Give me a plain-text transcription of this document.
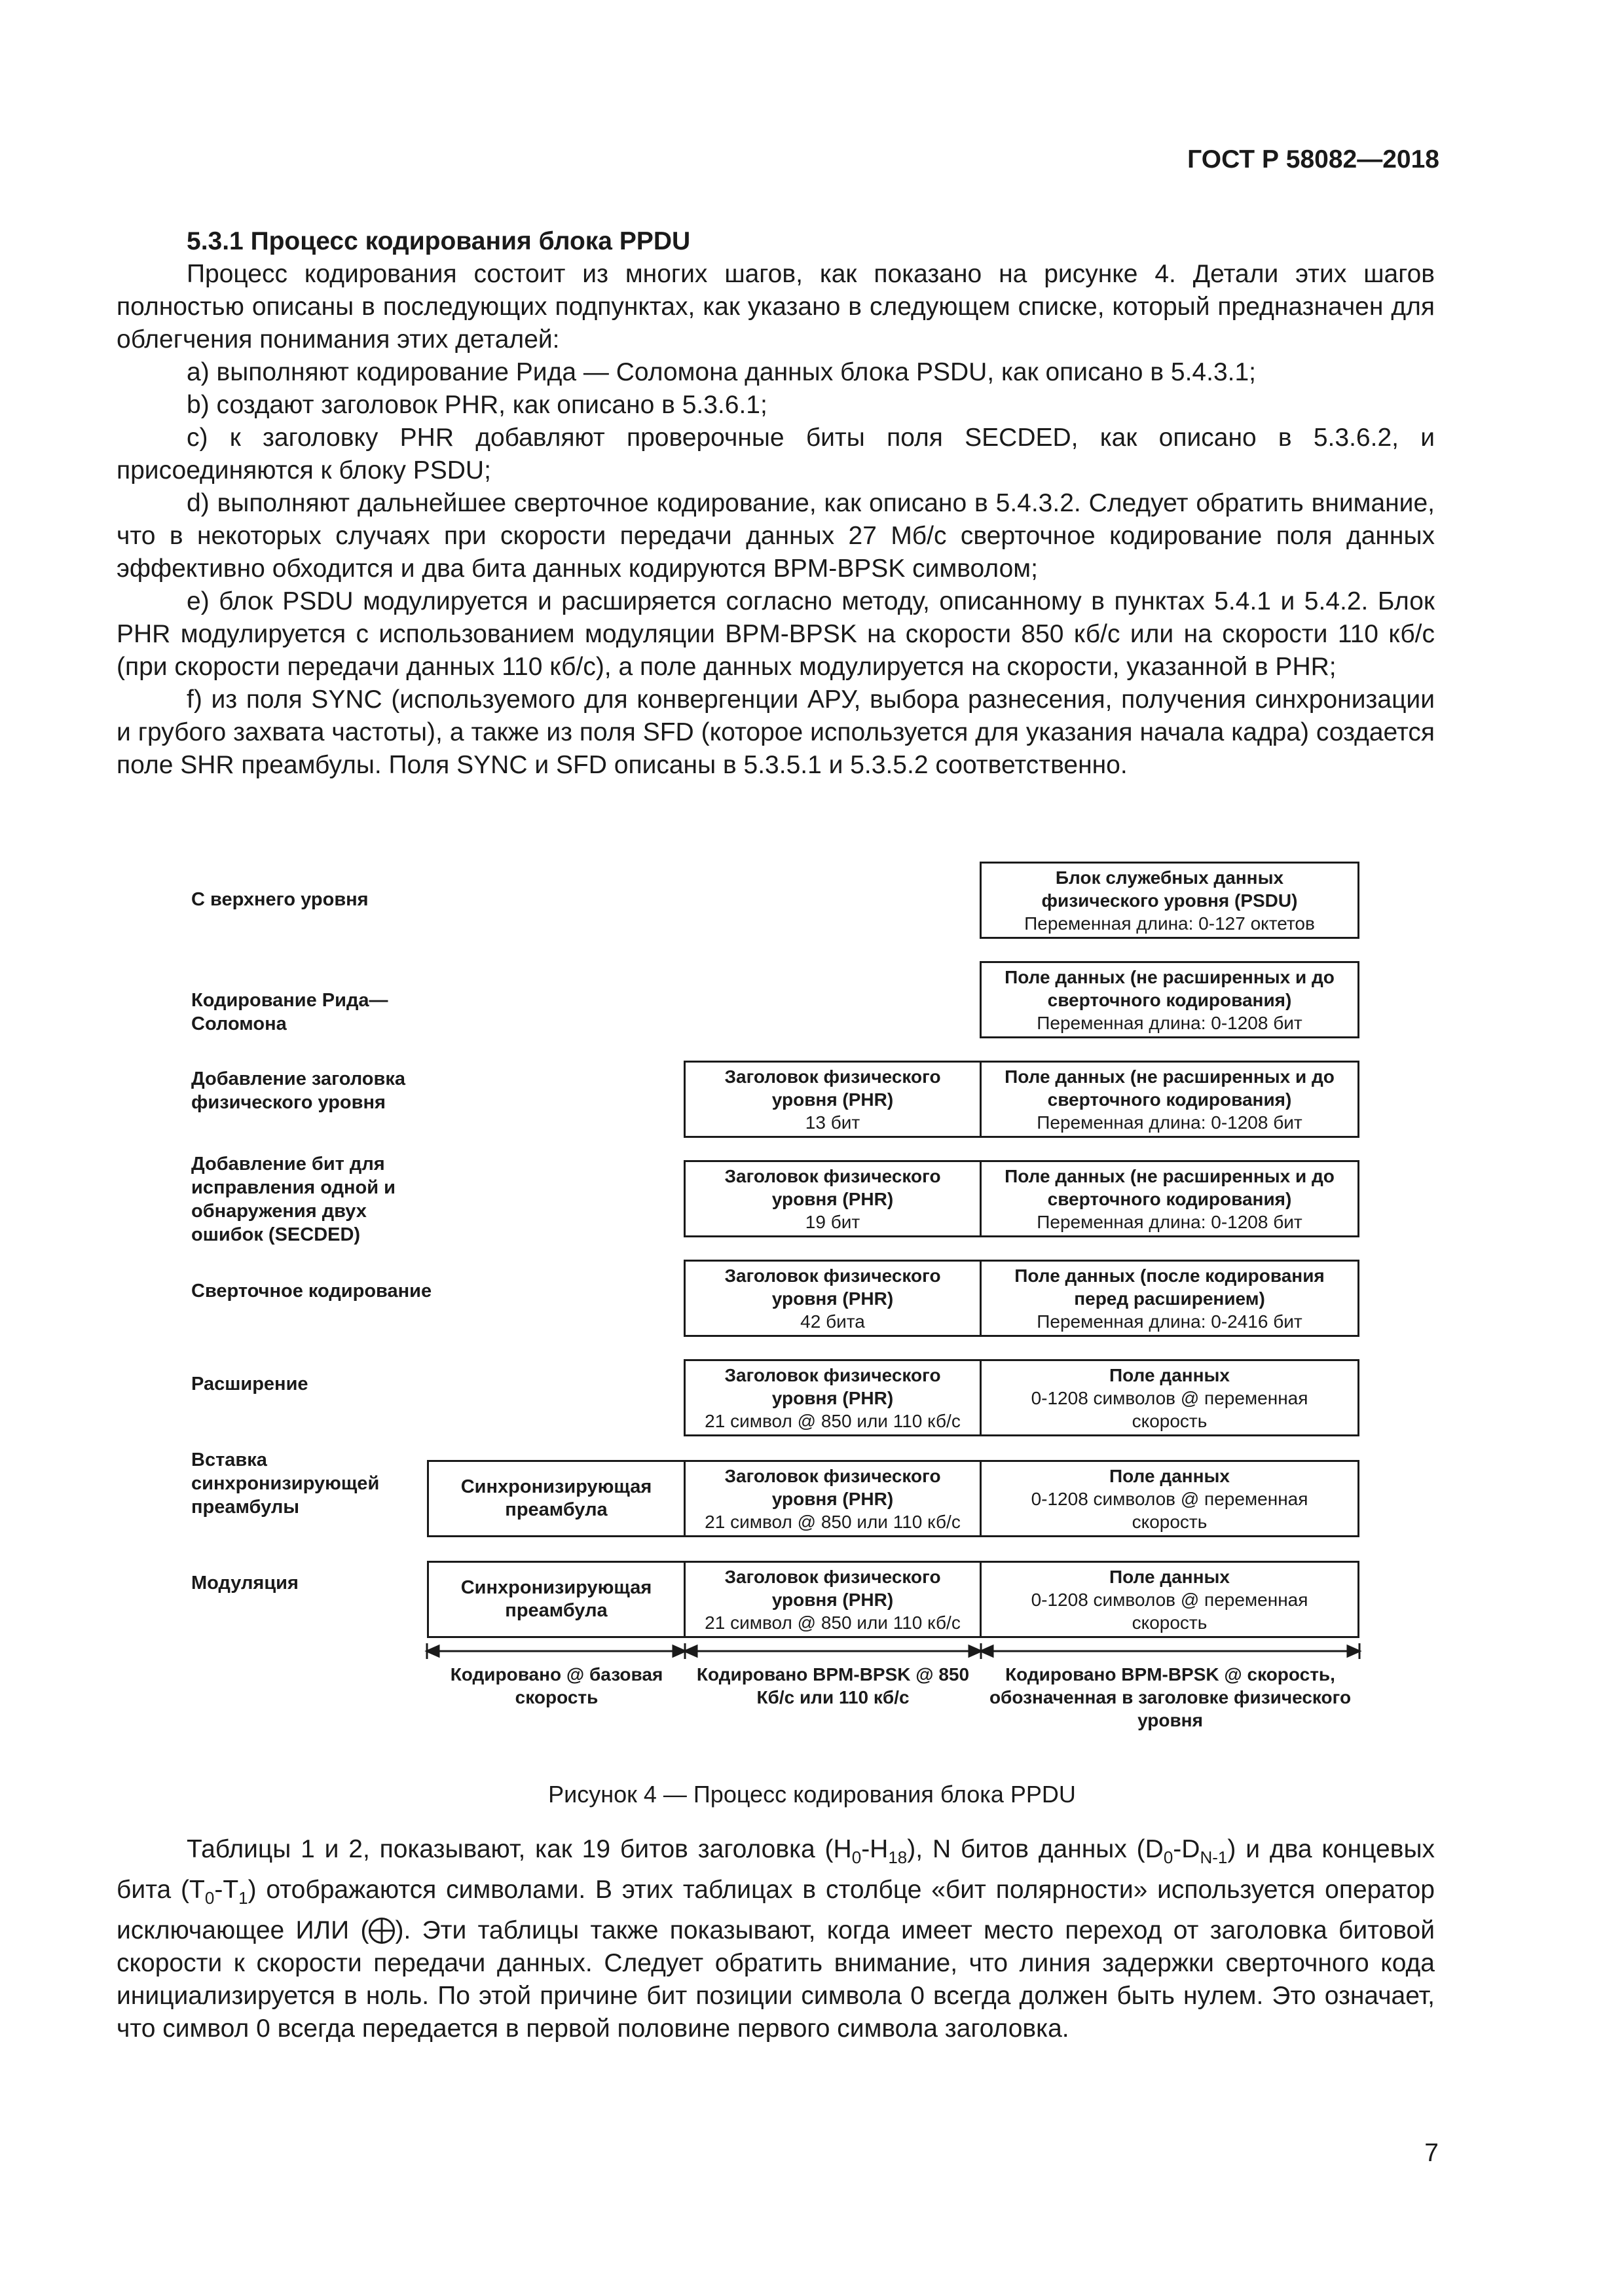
ГОСТ Р 58082—2018

5.3.1 Процесс кодирования блока PPDU

Процесс кодирования состоит из многих шагов, как показано на рисунке 4. Детали этих шагов полностью описаны в последующих подпунктах, как указано в следующем списке, который предназначен для облегчения понимания этих деталей:

a) выполняют кодирование Рида — Соломона данных блока PSDU, как описано в 5.4.3.1;

b) создают заголовок PHR, как описано в 5.3.6.1;

c) к заголовку PHR добавляют проверочные биты поля SECDED, как описано в 5.3.6.2, и присоединяются к блоку PSDU;

d) выполняют дальнейшее сверточное кодирование, как описано в 5.4.3.2. Следует обратить внимание, что в некоторых случаях при скорости передачи данных 27 Мб/с сверточное кодирование поля данных эффективно обходится и два бита данных кодируются BPM-BPSK символом;

e) блок PSDU модулируется и расширяется согласно методу, описанному в пунктах 5.4.1 и 5.4.2. Блок PHR модулируется с использованием модуляции BPM-BPSK на скорости 850 кб/с или на скорости 110 кб/с (при скорости передачи данных 110 кб/с), а поле данных модулируется на скорости, указанной в PHR;

f) из поля SYNC (используемого для конвергенции АРУ, выбора разнесения, получения синхронизации и грубого захвата частоты), а также из поля SFD (которое используется для указания начала кадра) создается поле SHR преамбулы. Поля SYNC и SFD описаны в 5.3.5.1 и 5.3.5.2 соответственно.

С верхнего уровня
Кодирование Рида—Соломона
Добавление заголовка физического уровня
Добавление бит для исправления одной и обнаружения двух ошибок (SECDED)
Сверточное кодирование
Расширение
Вставка синхронизирующей преамбулы
Модуляция
Блок служебных данных
физического уровня (PSDU)
Переменная длина: 0-127 октетов
Поле данных (не расширенных и до
сверточного кодирования)
Переменная длина: 0-1208 бит
Заголовок физического
уровня (PHR)
13 бит
Поле данных (не расширенных и до
сверточного кодирования)
Переменная длина: 0-1208 бит
Заголовок физического
уровня (PHR)
19 бит
Поле данных (не расширенных и до
сверточного кодирования)
Переменная длина: 0-1208 бит
Заголовок физического
уровня (PHR)
42 бита
Поле данных (после кодирования
перед расширением)
Переменная длина: 0-2416 бит
Заголовок физического
уровня (PHR)
21 символ @ 850 или 110 кб/с
Поле данных
0-1208 символов @ переменная
скорость
Синхронизирующая преамбула
Заголовок физического
уровня (PHR)
21 символ @ 850 или 110 кб/с
Поле данных
0-1208 символов @ переменная
скорость
Синхронизирующая преамбула
Заголовок физического
уровня (PHR)
21 символ @ 850 или 110 кб/с
Поле данных
0-1208 символов @ переменная
скорость
Кодировано @ базовая скорость
Кодировано BPM-BPSK @ 850 Кб/с или 110 кб/с
Кодировано BPM-BPSK @ скорость, обозначенная в заголовке физического уровня
Рисунок 4 — Процесс кодирования блока PPDU

Таблицы 1 и 2, показывают, как 19 битов заголовка $(H_0-H_{18})$, N битов данных $(D_0-D_{N-1})$ и два концевых бита $(T_0-T_1)$ отображаются символами. В этих таблицах в столбце «бит полярности» используется оператор исключающее ИЛИ ( ). Эти таблицы также показывают, когда имеет место переход от заголовка битовой скорости к скорости передачи данных. Следует обратить внимание, что линия задержки сверточного кода инициализируется в ноль. По этой причине бит позиции символа 0 всегда должен быть нулем. Это означает, что символ 0 всегда передается в первой половине первого символа заголовка.

7
